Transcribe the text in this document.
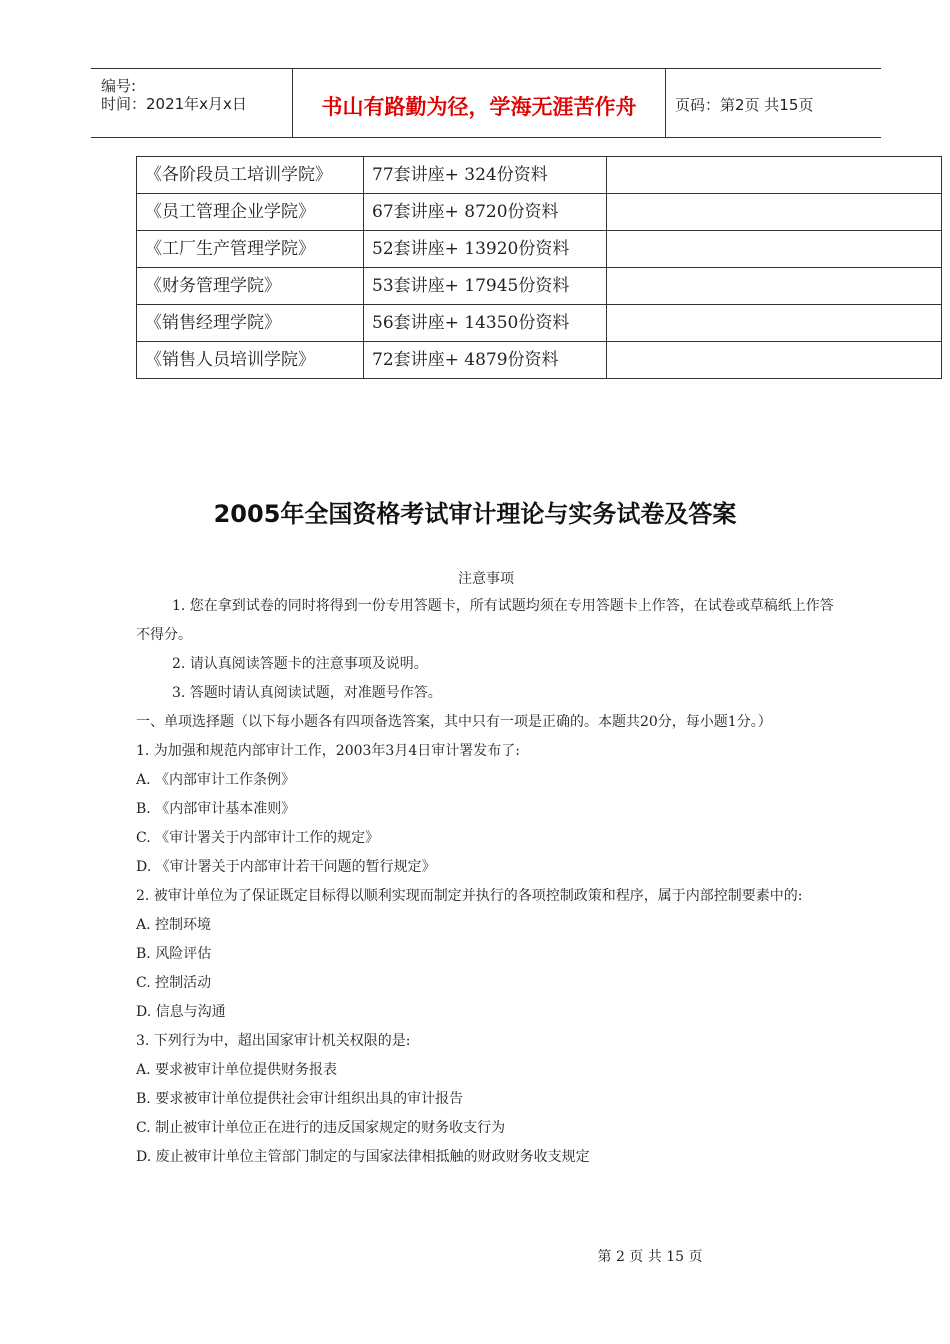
编号:
时间：2021年x月x日	书山有路勤为径，学海无涯苦作舟	页码：第2页 共15页
《各阶段员工培训学院》	77套讲座+ 324份资料	
《员工管理企业学院》	67套讲座+ 8720份资料	
《工厂生产管理学院》	52套讲座+ 13920份资料	
《财务管理学院》	53套讲座+ 17945份资料	
《销售经理学院》	56套讲座+ 14350份资料	
《销售人员培训学院》	72套讲座+ 4879份资料	
2005年全国资格考试审计理论与实务试卷及答案
注意事项

1. 您在拿到试卷的同时将得到一份专用答题卡，所有试题均须在专用答题卡上作答，在试卷或草稿纸上作答不得分。

2. 请认真阅读答题卡的注意事项及说明。

3. 答题时请认真阅读试题，对准题号作答。

一、单项选择题（以下每小题各有四项备选答案，其中只有一项是正确的。本题共20分，每小题1分。）

1. 为加强和规范内部审计工作，2003年3月4日审计署发布了:

A. 《内部审计工作条例》

B. 《内部审计基本准则》

C. 《审计署关于内部审计工作的规定》

D. 《审计署关于内部审计若干问题的暂行规定》

2. 被审计单位为了保证既定目标得以顺利实现而制定并执行的各项控制政策和程序，属于内部控制要素中的:

A. 控制环境

B. 风险评估

C. 控制活动

D. 信息与沟通

3. 下列行为中，超出国家审计机关权限的是:

A. 要求被审计单位提供财务报表

B. 要求被审计单位提供社会审计组织出具的审计报告

C. 制止被审计单位正在进行的违反国家规定的财务收支行为

D. 废止被审计单位主管部门制定的与国家法律相抵触的财政财务收支规定

第 2 页 共 15 页
